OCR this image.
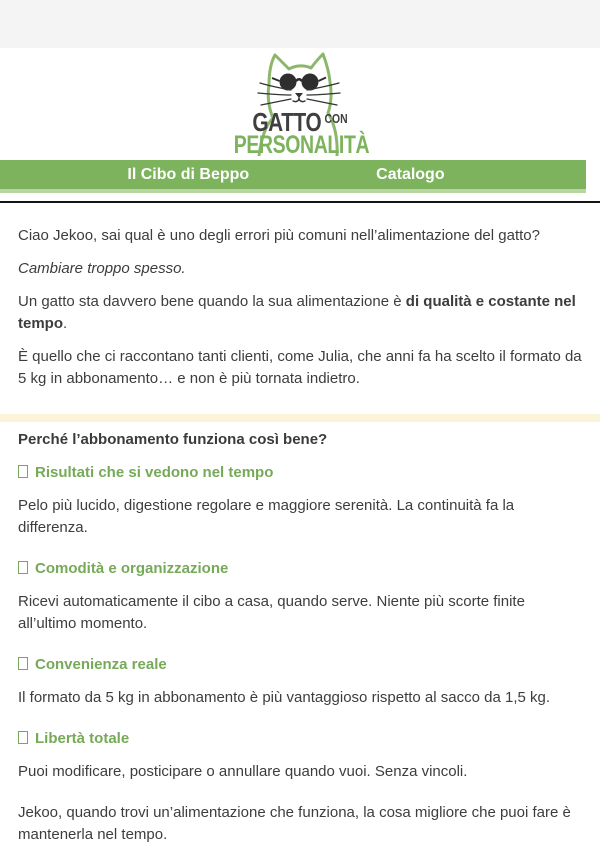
GATTO $^{CON}$
PERSONALITÀ
Il Cibo di Beppo	Catalogo

Ciao Jekoo, sai qual è uno degli errori più comuni nell’alimentazione del gatto?

Cambiare troppo spesso.

Un gatto sta davvero bene quando la sua alimentazione è di qualità e costante nel tempo.

È quello che ci raccontano tanti clienti, come Julia, che anni fa ha scelto il formato da 5 kg in abbonamento… e non è più tornata indietro.

Perché l’abbonamento funziona così bene?

Risultati che si vedono nel tempo

Pelo più lucido, digestione regolare e maggiore serenità. La continuità fa la differenza.

Comodità e organizzazione

Ricevi automaticamente il cibo a casa, quando serve. Niente più scorte finite all’ultimo momento.

Convenienza reale

Il formato da 5 kg in abbonamento è più vantaggioso rispetto al sacco da 1,5 kg.

Libertà totale

Puoi modificare, posticipare o annullare quando vuoi. Senza vincoli.

Jekoo, quando trovi un’alimentazione che funziona, la cosa migliore che puoi fare è mantenerla nel tempo.
